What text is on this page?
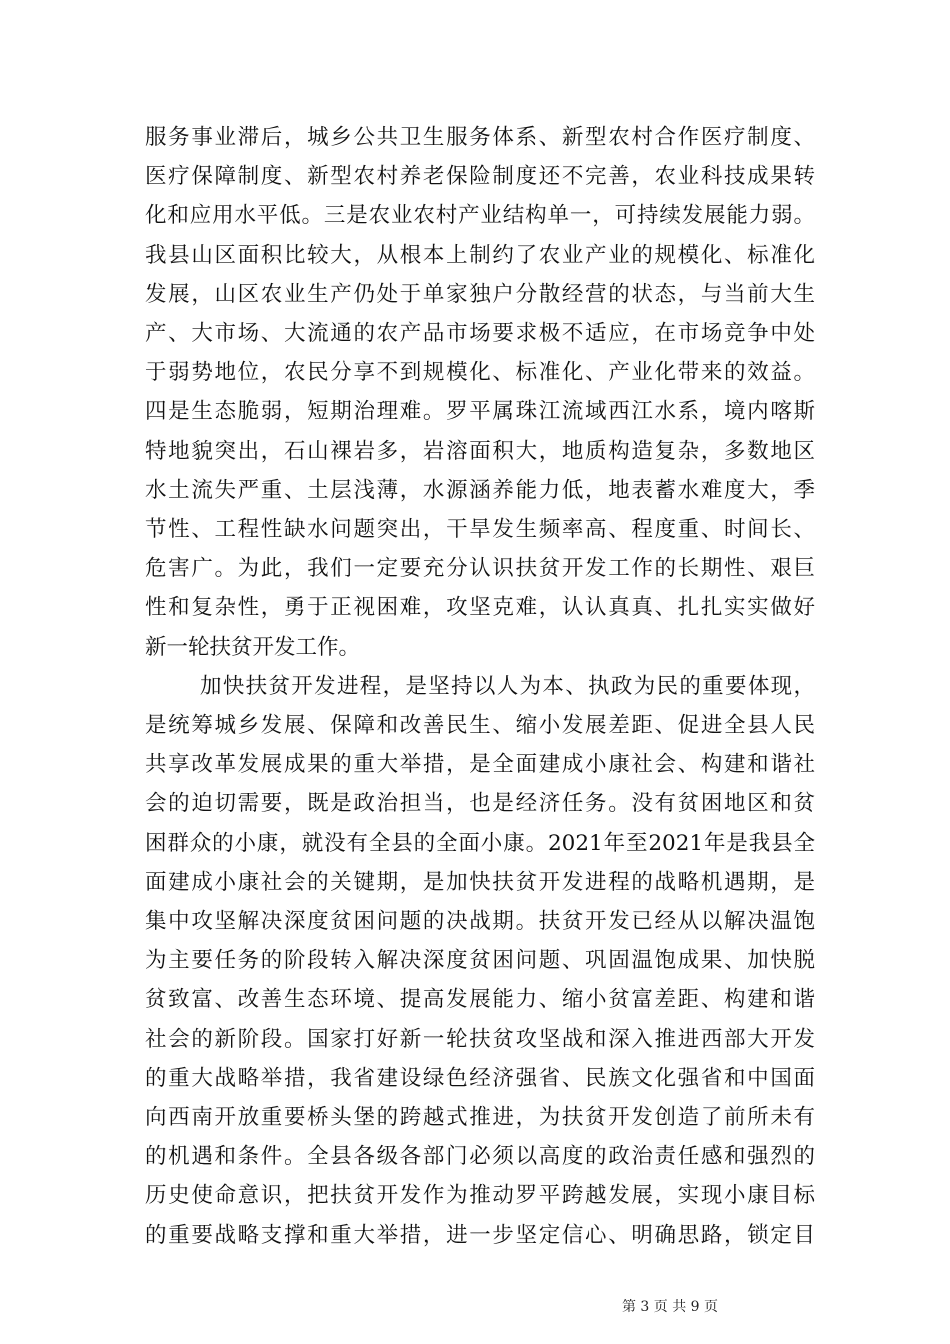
服务事业滞后，城乡公共卫生服务体系、新型农村合作医疗制度、
医疗保障制度、新型农村养老保险制度还不完善，农业科技成果转
化和应用水平低。三是农业农村产业结构单一，可持续发展能力弱。
我县山区面积比较大，从根本上制约了农业产业的规模化、标准化
发展，山区农业生产仍处于单家独户分散经营的状态，与当前大生
产、大市场、大流通的农产品市场要求极不适应，在市场竞争中处
于弱势地位，农民分享不到规模化、标准化、产业化带来的效益。
四是生态脆弱，短期治理难。罗平属珠江流域西江水系，境内喀斯
特地貌突出，石山裸岩多，岩溶面积大，地质构造复杂，多数地区
水土流失严重、土层浅薄，水源涵养能力低，地表蓄水难度大，季
节性、工程性缺水问题突出，干旱发生频率高、程度重、时间长、
危害广。为此，我们一定要充分认识扶贫开发工作的长期性、艰巨
性和复杂性，勇于正视困难，攻坚克难，认认真真、扎扎实实做好
新一轮扶贫开发工作。
加快扶贫开发进程，是坚持以人为本、执政为民的重要体现，
是统筹城乡发展、保障和改善民生、缩小发展差距、促进全县人民
共享改革发展成果的重大举措，是全面建成小康社会、构建和谐社
会的迫切需要，既是政治担当，也是经济任务。没有贫困地区和贫
困群众的小康，就没有全县的全面小康。2021年至2021年是我县全
面建成小康社会的关键期，是加快扶贫开发进程的战略机遇期，是
集中攻坚解决深度贫困问题的决战期。扶贫开发已经从以解决温饱
为主要任务的阶段转入解决深度贫困问题、巩固温饱成果、加快脱
贫致富、改善生态环境、提高发展能力、缩小贫富差距、构建和谐
社会的新阶段。国家打好新一轮扶贫攻坚战和深入推进西部大开发
的重大战略举措，我省建设绿色经济强省、民族文化强省和中国面
向西南开放重要桥头堡的跨越式推进，为扶贫开发创造了前所未有
的机遇和条件。全县各级各部门必须以高度的政治责任感和强烈的
历史使命意识，把扶贫开发作为推动罗平跨越发展，实现小康目标
的重要战略支撑和重大举措，进一步坚定信心、明确思路，锁定目
第 3 页 共 9 页
